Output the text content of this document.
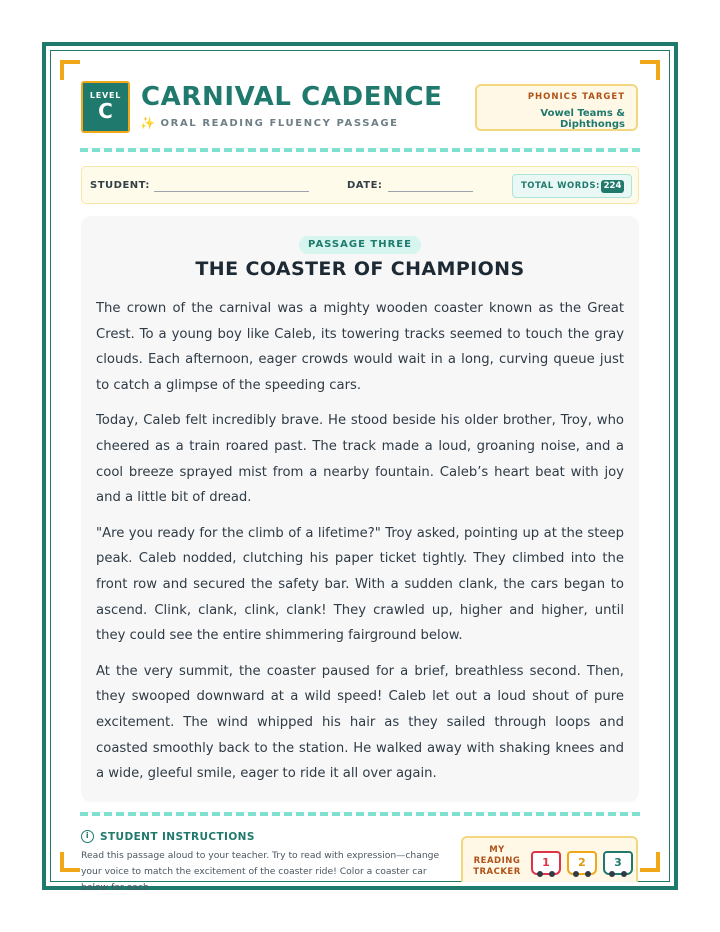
LEVEL
C	CARNIVAL CADENCE
✨ ORAL READING FLUENCY PASSAGE
PHONICS TARGET
Vowel Teams & Diphthongs
STUDENT:	DATE:	TOTAL WORDS: 224
PASSAGE THREE
THE COASTER OF CHAMPIONS

The crown of the carnival was a mighty wooden coaster known as the Great Crest. To a young boy like Caleb, its towering tracks seemed to touch the gray clouds. Each afternoon, eager crowds would wait in a long, curving queue just to catch a glimpse of the speeding cars.

Today, Caleb felt incredibly brave. He stood beside his older brother, Troy, who cheered as a train roared past. The track made a loud, groaning noise, and a cool breeze sprayed mist from a nearby fountain. Caleb’s heart beat with joy and a little bit of dread.

"Are you ready for the climb of a lifetime?" Troy asked, pointing up at the steep peak. Caleb nodded, clutching his paper ticket tightly. They climbed into the front row and secured the safety bar. With a sudden clank, the cars began to ascend. Clink, clank, clink, clank! They crawled up, higher and higher, until they could see the entire shimmering fairground below.

At the very summit, the coaster paused for a brief, breathless second. Then, they swooped downward at a wild speed! Caleb let out a loud shout of pure excitement. The wind whipped his hair as they sailed through loops and coasted smoothly back to the station. He walked away with shaking knees and a wide, gleeful smile, eager to ride it all over again.

i	STUDENT INSTRUCTIONS
Read this passage aloud to your teacher. Try to read with expression—change your voice to match the excitement of the coaster ride! Color a coaster car below for each
MY
READING
TRACKER
1	2	3
